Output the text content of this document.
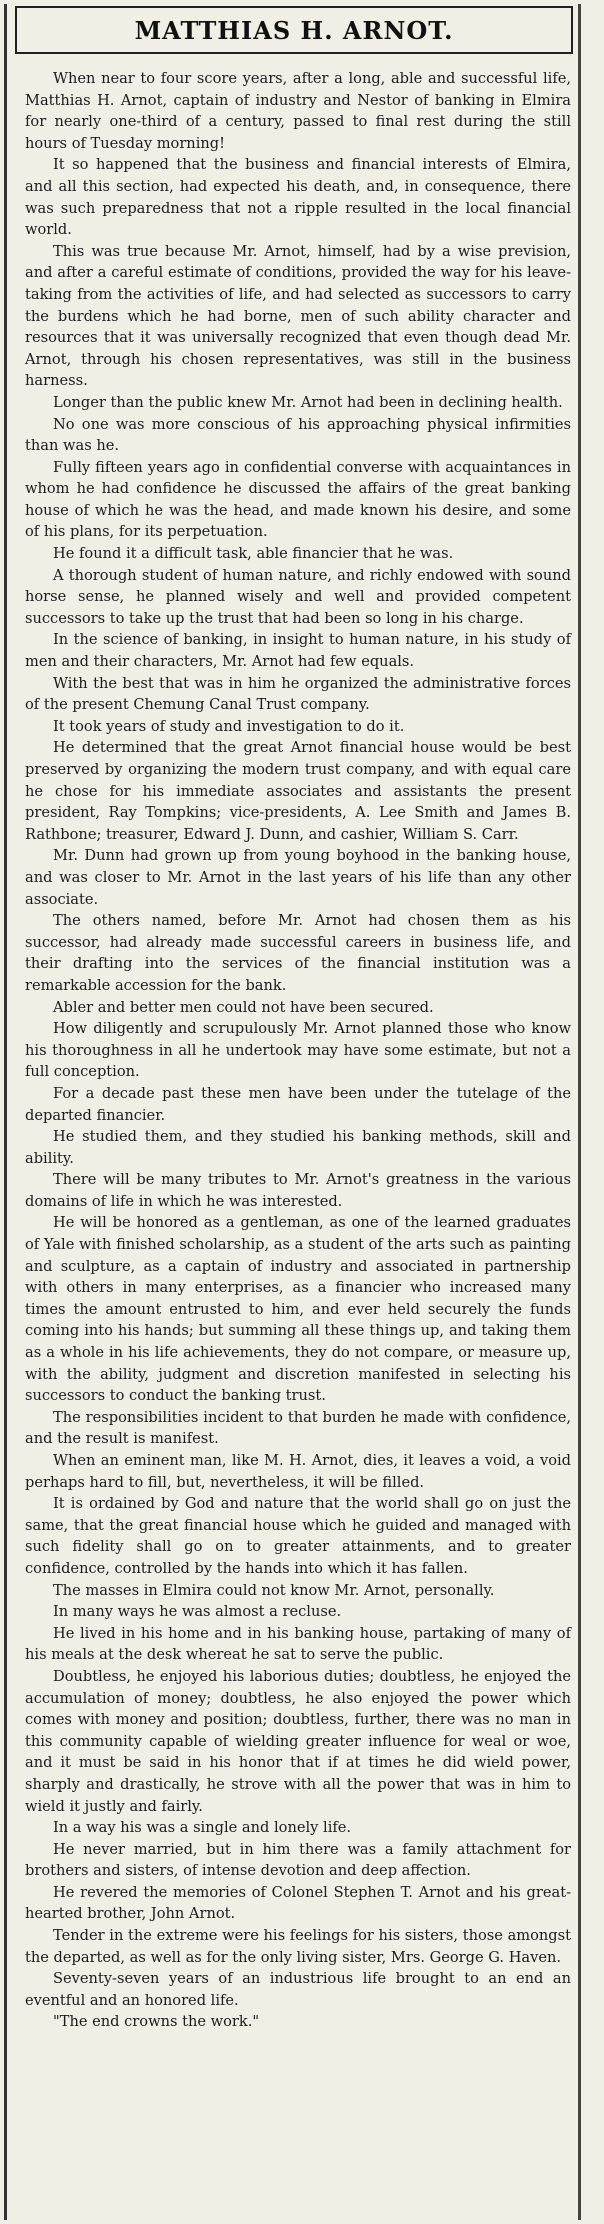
MATTHIAS H. ARNOT.

When near to four score years, after a long, able and successful life, Matthias H. Arnot, captain of industry and Nestor of banking in Elmira for nearly one-third of a century, passed to final rest during the still hours of Tuesday morning!

It so happened that the business and financial interests of Elmira, and all this section, had expected his death, and, in consequence, there was such preparedness that not a ripple resulted in the local financial world.

This was true because Mr. Arnot, himself, had by a wise prevision, and after a careful estimate of conditions, provided the way for his leave-taking from the activities of life, and had selected as successors to carry the burdens which he had borne, men of such ability character and resources that it was universally recognized that even though dead Mr. Arnot, through his chosen representatives, was still in the business harness.

Longer than the public knew Mr. Arnot had been in declining health.

No one was more conscious of his approaching physical infirmities than was he.

Fully fifteen years ago in confidential converse with acquaintances in whom he had confidence he discussed the affairs of the great banking house of which he was the head, and made known his desire, and some of his plans, for its perpetuation.

He found it a difficult task, able financier that he was.

A thorough student of human nature, and richly endowed with sound horse sense, he planned wisely and well and provided competent successors to take up the trust that had been so long in his charge.

In the science of banking, in insight to human nature, in his study of men and their characters, Mr. Arnot had few equals.

With the best that was in him he organized the administrative forces of the present Chemung Canal Trust company.

It took years of study and investigation to do it.

He determined that the great Arnot financial house would be best preserved by organizing the modern trust company, and with equal care he chose for his immediate associates and assistants the present president, Ray Tompkins; vice-presidents, A. Lee Smith and James B. Rathbone; treasurer, Edward J. Dunn, and cashier, William S. Carr.

Mr. Dunn had grown up from young boyhood in the banking house, and was closer to Mr. Arnot in the last years of his life than any other associate.

The others named, before Mr. Arnot had chosen them as his successor, had already made successful careers in business life, and their drafting into the services of the financial institution was a remarkable accession for the bank.

Abler and better men could not have been secured.

How diligently and scrupulously Mr. Arnot planned those who know his thoroughness in all he undertook may have some estimate, but not a full conception.

For a decade past these men have been under the tutelage of the departed financier.

He studied them, and they studied his banking methods, skill and ability.

There will be many tributes to Mr. Arnot's greatness in the various domains of life in which he was interested.

He will be honored as a gentleman, as one of the learned graduates of Yale with finished scholarship, as a student of the arts such as painting and sculpture, as a captain of industry and associated in partnership with others in many enterprises, as a financier who increased many times the amount entrusted to him, and ever held securely the funds coming into his hands; but summing all these things up, and taking them as a whole in his life achievements, they do not compare, or measure up, with the ability, judgment and discretion manifested in selecting his successors to conduct the banking trust.

The responsibilities incident to that burden he made with confidence, and the result is manifest.

When an eminent man, like M. H. Arnot, dies, it leaves a void, a void perhaps hard to fill, but, nevertheless, it will be filled.

It is ordained by God and nature that the world shall go on just the same, that the great financial house which he guided and managed with such fidelity shall go on to greater attainments, and to greater confidence, controlled by the hands into which it has fallen.

The masses in Elmira could not know Mr. Arnot, personally.

In many ways he was almost a recluse.

He lived in his home and in his banking house, partaking of many of his meals at the desk whereat he sat to serve the public.

Doubtless, he enjoyed his laborious duties; doubtless, he enjoyed the accumulation of money; doubtless, he also enjoyed the power which comes with money and position; doubtless, further, there was no man in this community capable of wielding greater influence for weal or woe, and it must be said in his honor that if at times he did wield power, sharply and drastically, he strove with all the power that was in him to wield it justly and fairly.

In a way his was a single and lonely life.

He never married, but in him there was a family attachment for brothers and sisters, of intense devotion and deep affection.

He revered the memories of Colonel Stephen T. Arnot and his great-hearted brother, John Arnot.

Tender in the extreme were his feelings for his sisters, those amongst the departed, as well as for the only living sister, Mrs. George G. Haven.

Seventy-seven years of an industrious life brought to an end an eventful and an honored life.

"The end crowns the work."
